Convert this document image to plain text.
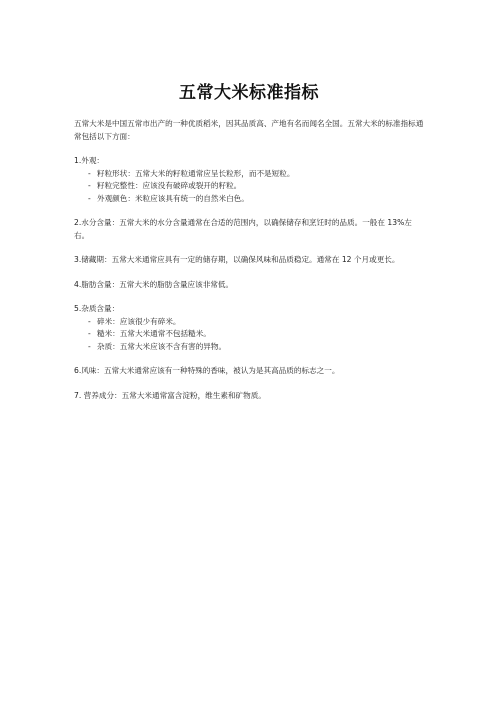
五常大米标准指标

五常大米是中国五常市出产的一种优质稻米，因其品质高、产地有名而闻名全国。五常大米的标准指标通常包括以下方面：

1.外观：

- 籽粒形状：五常大米的籽粒通常应呈长粒形，而不是短粒。
- 籽粒完整性：应该没有破碎或裂开的籽粒。
- 外观颜色：米粒应该具有统一的自然米白色。

2.水分含量：五常大米的水分含量通常在合适的范围内，以确保储存和烹饪时的品质。一般在 13%左右。

3.储藏期：五常大米通常应具有一定的储存期，以确保风味和品质稳定。通常在 12 个月或更长。

4.脂肪含量：五常大米的脂肪含量应该非常低。

5.杂质含量：

- 碎米：应该很少有碎米。
- 糙米：五常大米通常不包括糙米。
- 杂质：五常大米应该不含有害的异物。

6.风味：五常大米通常应该有一种特殊的香味，被认为是其高品质的标志之一。

7. 营养成分：五常大米通常富含淀粉，维生素和矿物质。
